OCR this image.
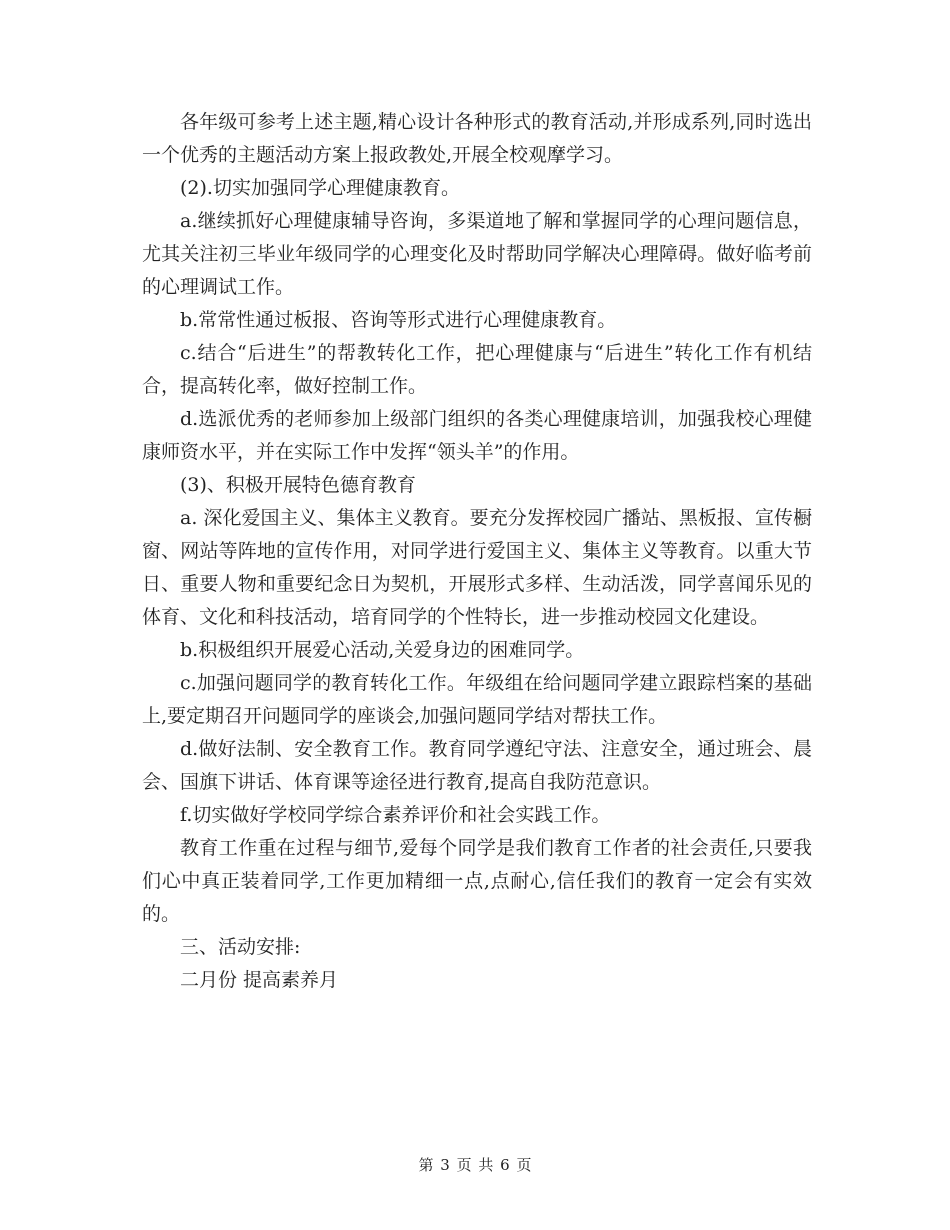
各年级可参考上述主题,精心设计各种形式的教育活动,并形成系列,同时选出一个优秀的主题活动方案上报政教处,开展全校观摩学习。

(2).切实加强同学心理健康教育。

a.继续抓好心理健康辅导咨询，多渠道地了解和掌握同学的心理问题信息，尤其关注初三毕业年级同学的心理变化及时帮助同学解决心理障碍。做好临考前的心理调试工作。

b.常常性通过板报、咨询等形式进行心理健康教育。

c.结合“后进生”的帮教转化工作，把心理健康与“后进生”转化工作有机结合，提高转化率，做好控制工作。

d.选派优秀的老师参加上级部门组织的各类心理健康培训，加强我校心理健康师资水平，并在实际工作中发挥“领头羊”的作用。

(3)、积极开展特色德育教育

a. 深化爱国主义、集体主义教育。要充分发挥校园广播站、黑板报、宣传橱窗、网站等阵地的宣传作用，对同学进行爱国主义、集体主义等教育。以重大节日、重要人物和重要纪念日为契机，开展形式多样、生动活泼，同学喜闻乐见的体育、文化和科技活动，培育同学的个性特长，进一步推动校园文化建设。

b.积极组织开展爱心活动,关爱身边的困难同学。

c.加强问题同学的教育转化工作。年级组在给问题同学建立跟踪档案的基础上,要定期召开问题同学的座谈会,加强问题同学结对帮扶工作。

d.做好法制、安全教育工作。教育同学遵纪守法、注意安全，通过班会、晨会、国旗下讲话、体育课等途径进行教育,提高自我防范意识。

f.切实做好学校同学综合素养评价和社会实践工作。

教育工作重在过程与细节,爱每个同学是我们教育工作者的社会责任,只要我们心中真正装着同学,工作更加精细一点,点耐心,信任我们的教育一定会有实效的。

三、活动安排:

二月份 提高素养月

第 3 页 共 6 页
